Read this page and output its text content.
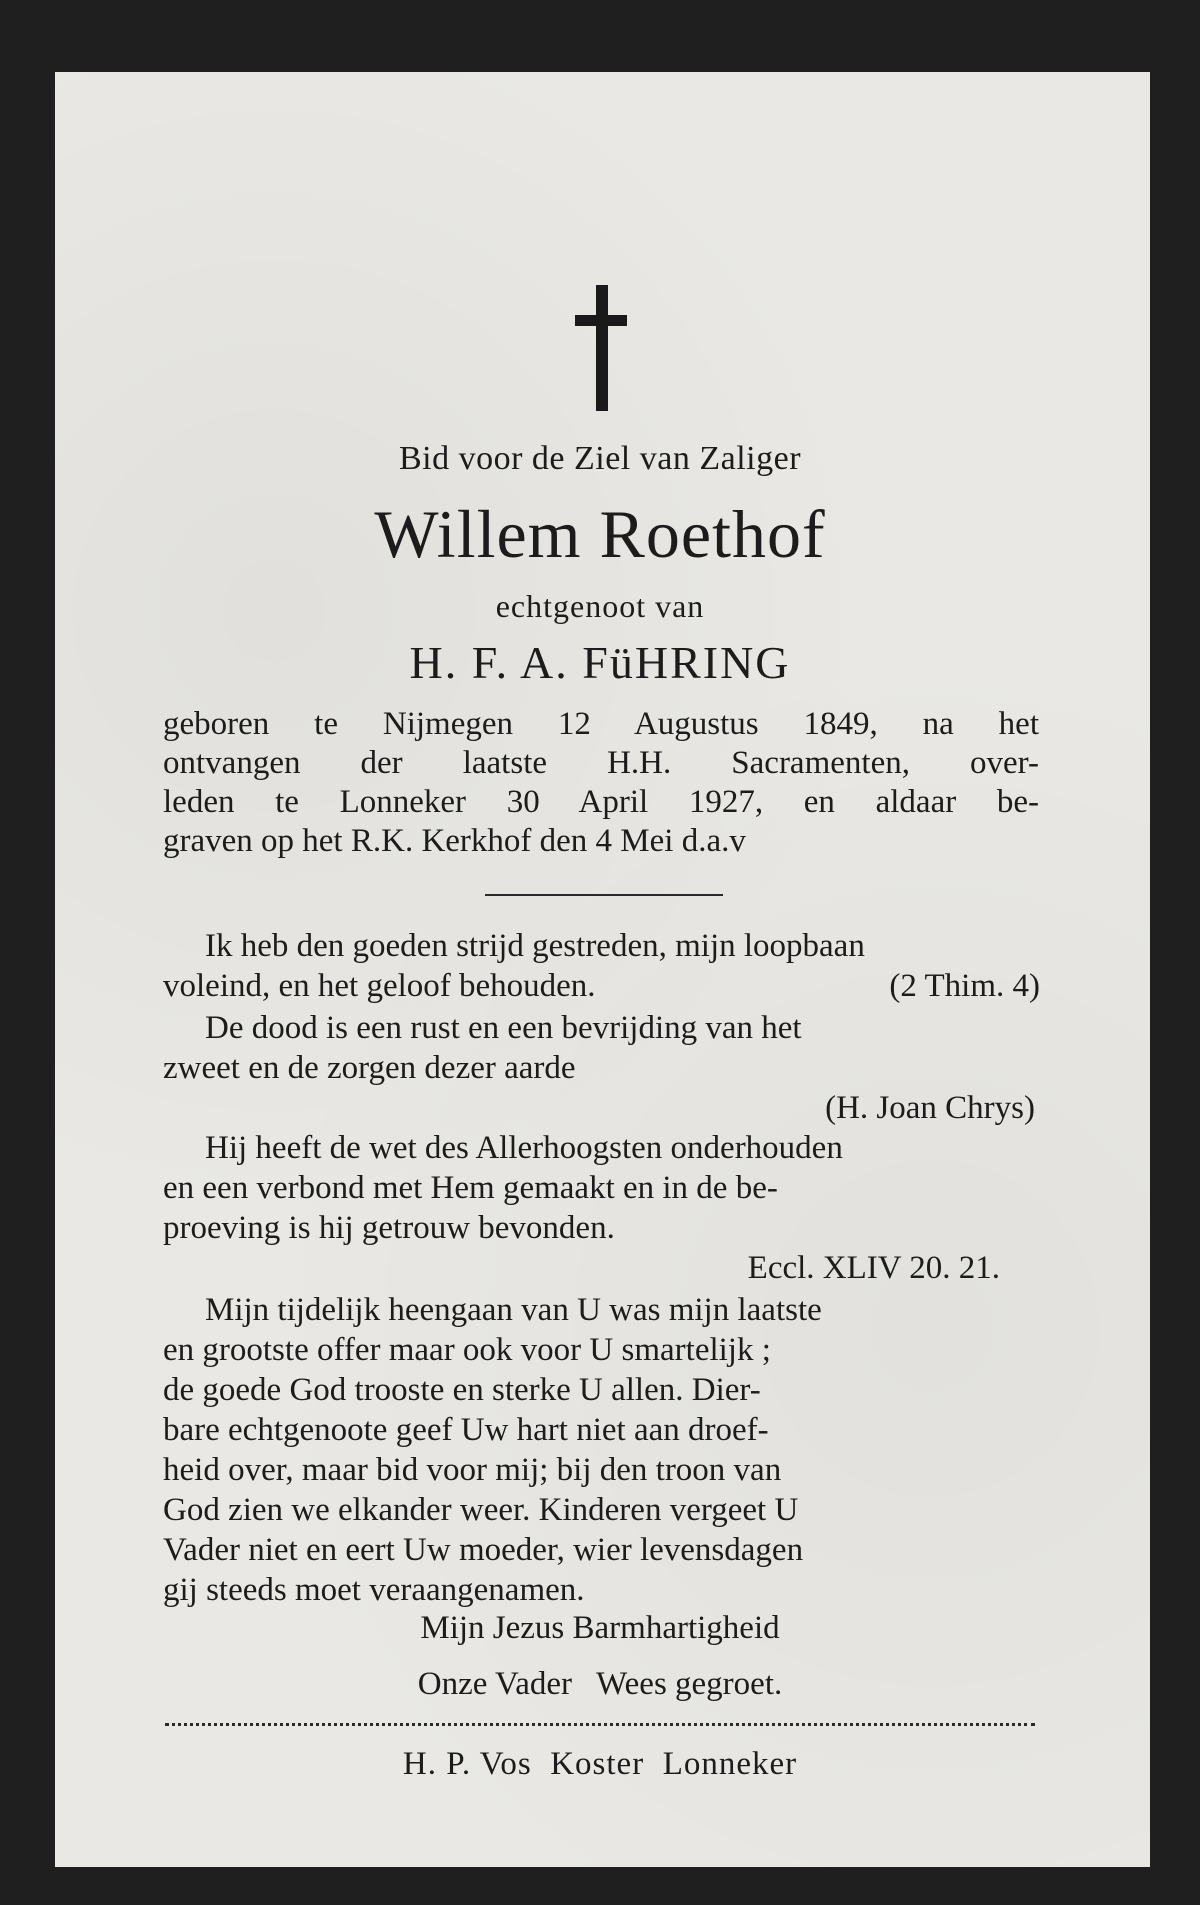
Bid voor de Ziel van Zaliger
Willem Roethof
echtgenoot van
H. F. A. FüHRING
geboren te Nijmegen 12 Augustus 1849, na het
ontvangen der laatste H.H. Sacramenten, over-
leden te Lonneker 30 April 1927, en aldaar be-
graven op het R.K. Kerkhof den 4 Mei d.a.v
Ik heb den goeden strijd gestreden, mijn loopbaan
voleind, en het geloof behouden.	(2 Thim. 4)
De dood is een rust en een bevrijding van het
zweet en de zorgen dezer aarde
(H. Joan Chrys)
Hij heeft de wet des Allerhoogsten onderhouden
en een verbond met Hem gemaakt en in de be-
proeving is hij getrouw bevonden.
Eccl. XLIV 20. 21.
Mijn tijdelijk heengaan van U was mijn laatste
en grootste offer maar ook voor U smartelijk ;
de goede God trooste en sterke U allen. Dier-
bare echtgenoote geef Uw hart niet aan droef-
heid over, maar bid voor mij; bij den troon van
God zien we elkander weer. Kinderen vergeet U
Vader niet en eert Uw moeder, wier levensdagen
gij steeds moet veraangenamen.
Mijn Jezus Barmhartigheid
Onze Vader   Wees gegroet.
H. P. Vos  Koster  Lonneker
